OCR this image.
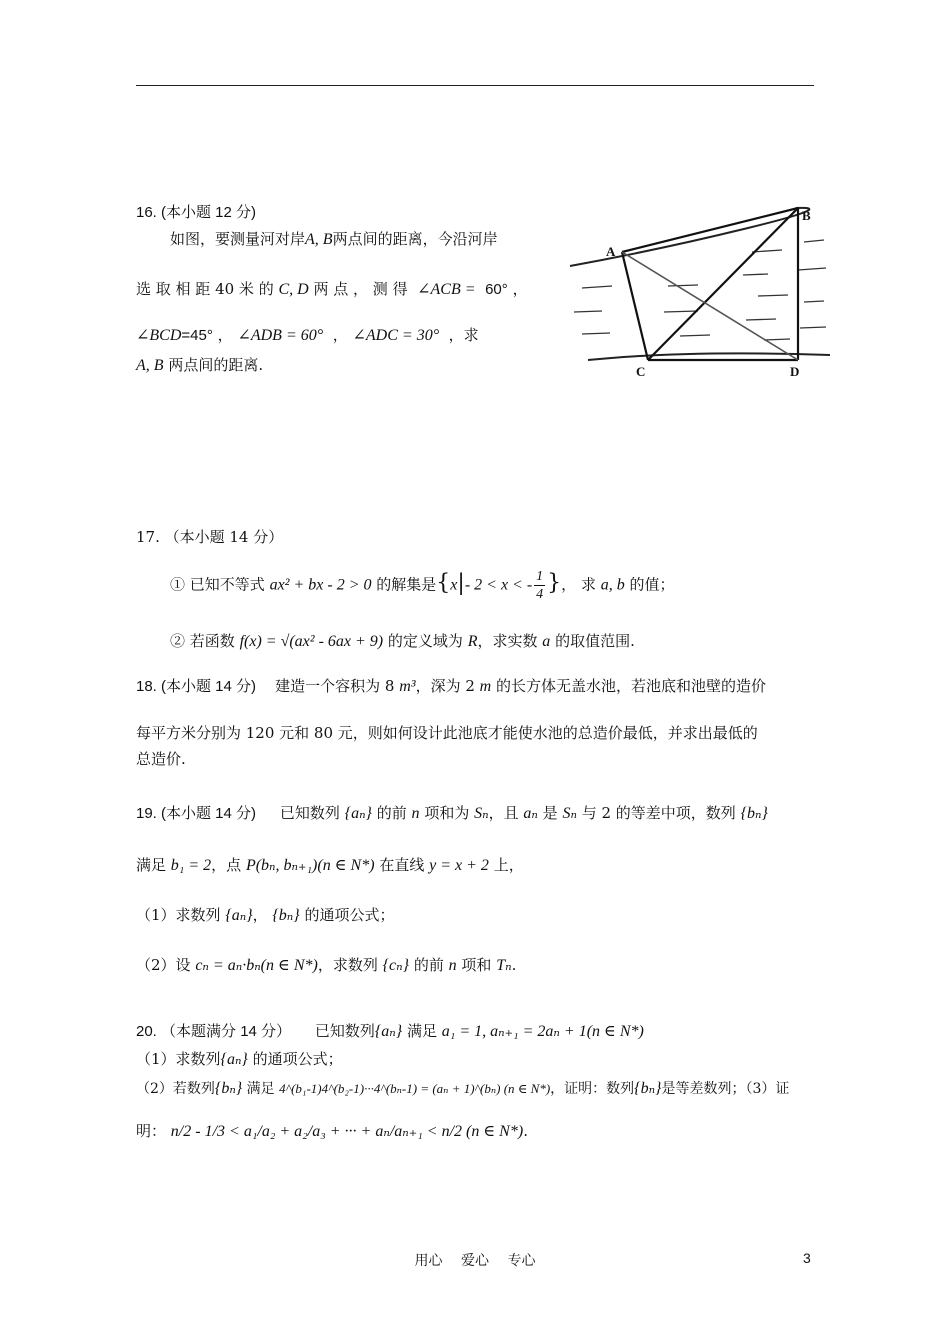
16. (本小题 12 分)
如图，要测量河对岸A, B两点间的距离，今沿河岸
选 取 相 距 40 米 的 C, D 两 点 ， 测 得 ∠ACB = 60° ，
∠BCD=45° ， ∠ADB = 60° ， ∠ADC = 30° ，求
A, B 两点间的距离.
A
B
C	D
17. （本小题 14 分）
① 已知不等式 ax² + bx - 2 > 0 的解集是{x|- 2 < x < - $\frac{1}{4}$ }， 求 a, b 的值；
② 若函数 f(x) = √(ax² - 6ax + 9) 的定义域为 R，求实数 a 的取值范围.
18. (本小题 14 分) 建造一个容积为 8 m³，深为 2 m 的长方体无盖水池，若池底和池壁的造价
每平方米分别为 120 元和 80 元，则如何设计此池底才能使水池的总造价最低，并求出最低的
总造价.
19. (本小题 14 分) 已知数列 {aₙ} 的前 n 项和为 Sₙ，且 aₙ 是 Sₙ 与 2 的等差中项，数列 {bₙ}
满足 b₁ = 2，点 P(bₙ, bₙ₊₁)(n ∈ N*) 在直线 y = x + 2 上，
（1）求数列 {aₙ}， {bₙ} 的通项公式；
（2）设 cₙ = aₙ·bₙ(n ∈ N*)，求数列 {cₙ} 的前 n 项和 Tₙ.
20. （本题满分 14 分） 已知数列{aₙ} 满足 a₁ = 1, aₙ₊₁ = 2aₙ + 1(n ∈ N*)
（1）求数列{aₙ} 的通项公式；
（2）若数列{bₙ} 满足 4^(b₁-1)4^(b₂-1)···4^(bₙ-1) = (aₙ + 1)^(bₙ) (n ∈ N*)，证明：数列{bₙ}是等差数列；（3）证
明： n/2 - 1/3 < a₁/a₂ + a₂/a₃ + ··· + aₙ/aₙ₊₁ < n/2 (n ∈ N*).
用心　 爱心　 专心	3
